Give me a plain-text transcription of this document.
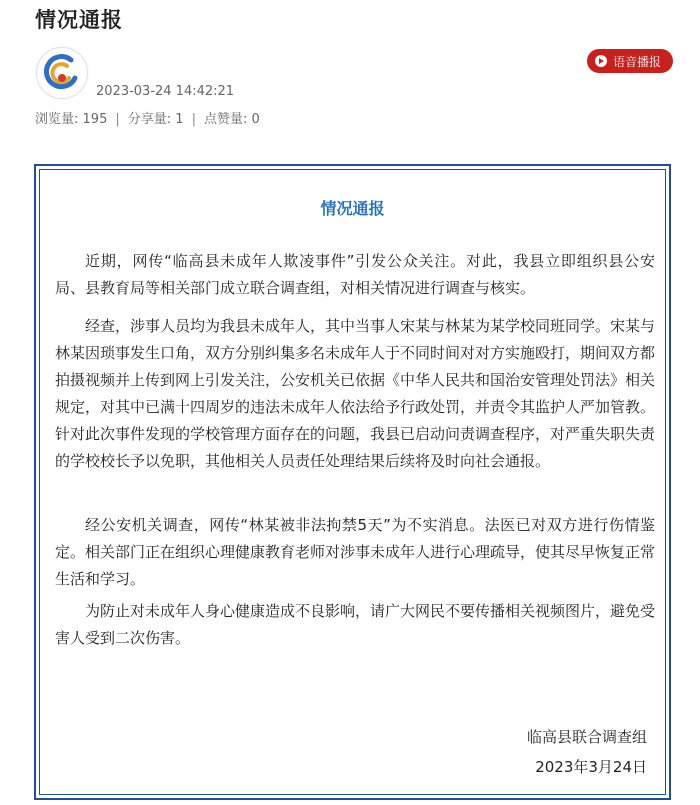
情况通报
2023-03-24 14:42:21
浏览量: 195 | 分享量: 1 | 点赞量: 0
语音播报
情况通报

近期，网传“临高县未成年人欺凌事件”引发公众关注。对此，我县立即组织县公安局、县教育局等相关部门成立联合调查组，对相关情况进行调查与核实。

经查，涉事人员均为我县未成年人，其中当事人宋某与林某为某学校同班同学。宋某与林某因琐事发生口角，双方分别纠集多名未成年人于不同时间对对方实施殴打，期间双方都拍摄视频并上传到网上引发关注，公安机关已依据《中华人民共和国治安管理处罚法》相关规定，对其中已满十四周岁的违法未成年人依法给予行政处罚，并责令其监护人严加管教。针对此次事件发现的学校管理方面存在的问题，我县已启动问责调查程序，对严重失职失责的学校校长予以免职，其他相关人员责任处理结果后续将及时向社会通报。

经公安机关调查，网传“林某被非法拘禁5天”为不实消息。法医已对双方进行伤情鉴定。相关部门正在组织心理健康教育老师对涉事未成年人进行心理疏导，使其尽早恢复正常生活和学习。

为防止对未成年人身心健康造成不良影响，请广大网民不要传播相关视频图片，避免受害人受到二次伤害。

临高县联合调查组
2023年3月24日
